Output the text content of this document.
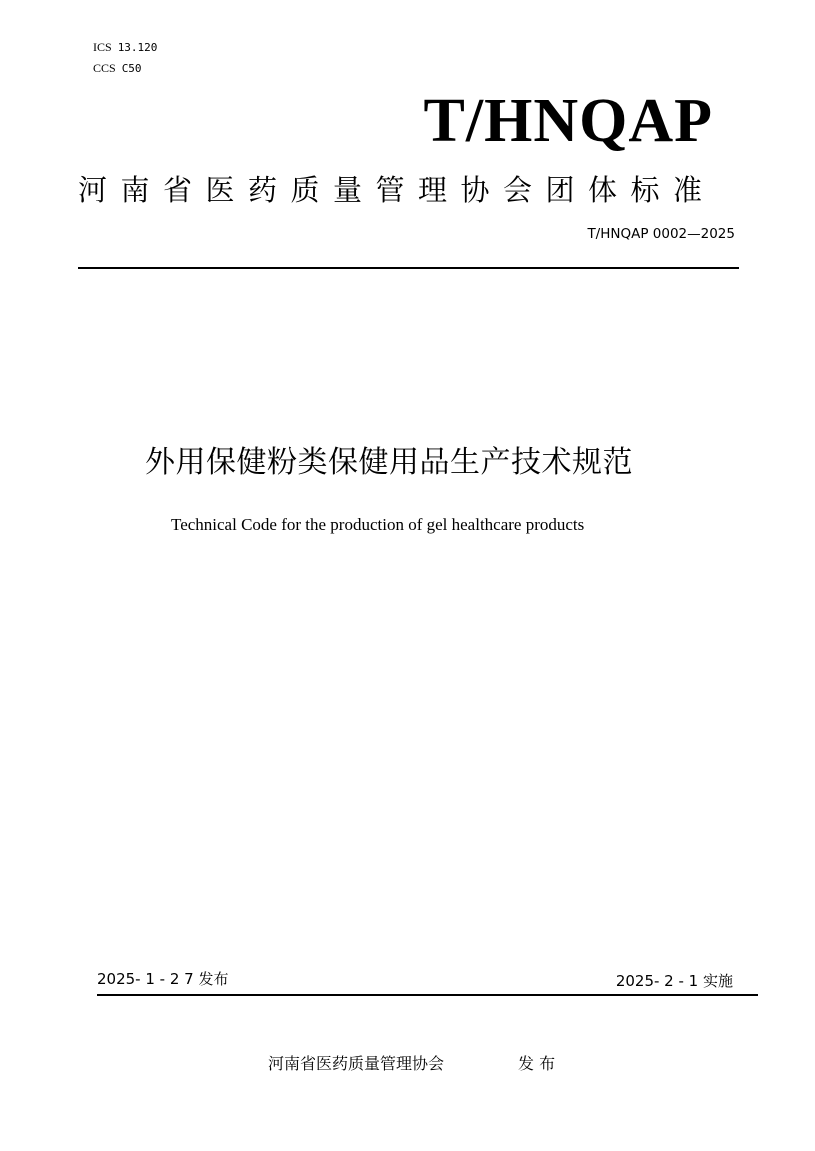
ICS 13.120
CCS C50
T/HNQAP
河南省医药质量管理协会团体标准
T/HNQAP 0002—2025
外用保健粉类保健用品生产技术规范
Technical Code for the production of gel healthcare products
2025- 1 - 2 7 发布	2025- 2 - 1 实施
河南省医药质量管理协会	发 布
